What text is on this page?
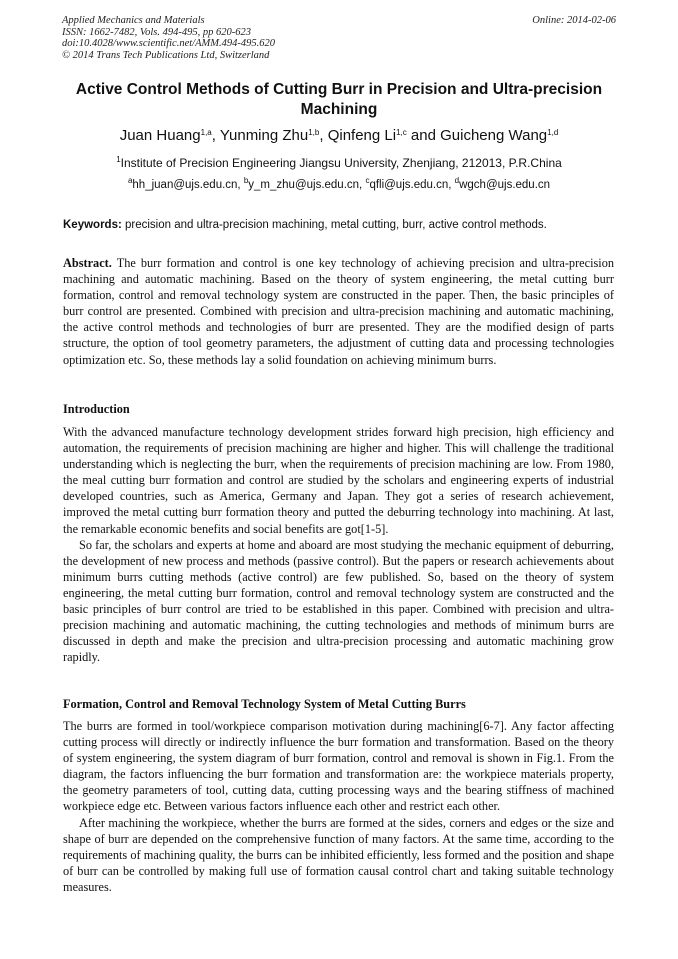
Applied Mechanics and Materials
ISSN: 1662-7482, Vols. 494-495, pp 620-623
doi:10.4028/www.scientific.net/AMM.494-495.620
© 2014 Trans Tech Publications Ltd, Switzerland
Online: 2014-02-06
Active Control Methods of Cutting Burr in Precision and Ultra-precision Machining
Juan Huang$^{1,a}$, Yunming Zhu$^{1,b}$, Qinfeng Li$^{1,c}$ and Guicheng Wang$^{1,d}$
$^1$Institute of Precision Engineering Jiangsu University, Zhenjiang, 212013, P.R.China
$^a$hh_juan@ujs.edu.cn, $^b$y_m_zhu@ujs.edu.cn, $^c$qfli@ujs.edu.cn, $^d$wgch@ujs.edu.cn
Keywords: precision and ultra-precision machining, metal cutting, burr, active control methods.

Abstract. The burr formation and control is one key technology of achieving precision and ultra-precision machining and automatic machining. Based on the theory of system engineering, the metal cutting burr formation, control and removal technology system are constructed in the paper. Then, the basic principles of burr control are presented. Combined with precision and ultra-precision machining and automatic machining, the active control methods and technologies of burr are presented. They are the modified design of parts structure, the option of tool geometry parameters, the adjustment of cutting data and processing technologies optimization etc. So, these methods lay a solid foundation on achieving minimum burrs.

Introduction

With the advanced manufacture technology development strides forward high precision, high efficiency and automation, the requirements of precision machining are higher and higher. This will challenge the traditional understanding which is neglecting the burr, when the requirements of precision machining are low. From 1980, the meal cutting burr formation and control are studied by the scholars and engineering experts of industrial developed countries, such as America, Germany and Japan. They got a series of research achievement, improved the metal cutting burr formation theory and putted the deburring technology into machining. At last, the remarkable economic benefits and social benefits are got[1-5].

So far, the scholars and experts at home and aboard are most studying the mechanic equipment of deburring, the development of new process and methods (passive control). But the papers or research achievements about minimum burrs cutting methods (active control) are few published. So, based on the theory of system engineering, the metal cutting burr formation, control and removal technology system are constructed and the basic principles of burr control are tried to be established in this paper. Combined with precision and ultra-precision machining and automatic machining, the cutting technologies and methods of minimum burrs are discussed in depth and make the precision and ultra-precision processing and automatic machining grow rapidly.

Formation, Control and Removal Technology System of Metal Cutting Burrs

The burrs are formed in tool/workpiece comparison motivation during machining[6-7]. Any factor affecting cutting process will directly or indirectly influence the burr formation and transformation. Based on the theory of system engineering, the system diagram of burr formation, control and removal is shown in Fig.1. From the diagram, the factors influencing the burr formation and transformation are: the workpiece materials property, the geometry parameters of tool, cutting data, cutting processing ways and the bearing stiffness of machined workpiece edge etc. Between various factors influence each other and restrict each other.

After machining the workpiece, whether the burrs are formed at the sides, corners and edges or the size and shape of burr are depended on the comprehensive function of many factors. At the same time, according to the requirements of machining quality, the burrs can be inhibited efficiently, less formed and the position and shape of burr can be controlled by making full use of formation causal control chart and taking suitable technology measures.
